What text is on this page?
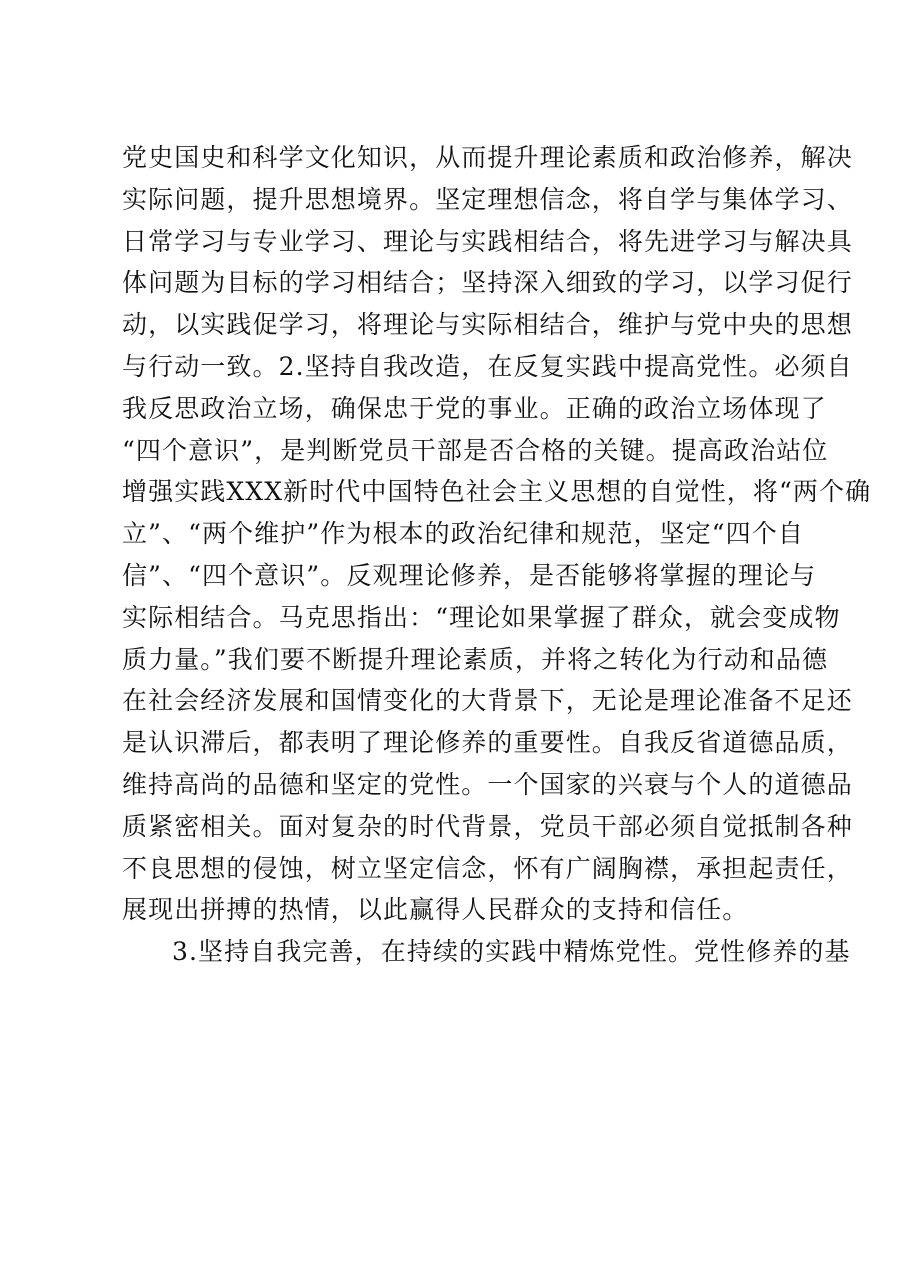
党史国史和科学文化知识，从而提升理论素质和政治修养，解决
实际问题，提升思想境界。坚定理想信念，将自学与集体学习、
日常学习与专业学习、理论与实践相结合，将先进学习与解决具
体问题为目标的学习相结合；坚持深入细致的学习，以学习促行
动，以实践促学习，将理论与实际相结合，维护与党中央的思想
与行动一致。2.坚持自我改造，在反复实践中提高党性。必须自
我反思政治立场，确保忠于党的事业。正确的政治立场体现了
“四个意识”，是判断党员干部是否合格的关键。提高政治站位
增强实践XXX新时代中国特色社会主义思想的自觉性，将“两个确
立”、“两个维护”作为根本的政治纪律和规范，坚定“四个自
信”、“四个意识”。反观理论修养，是否能够将掌握的理论与
实际相结合。马克思指出：“理论如果掌握了群众，就会变成物
质力量。”我们要不断提升理论素质，并将之转化为行动和品德
在社会经济发展和国情变化的大背景下，无论是理论准备不足还
是认识滞后，都表明了理论修养的重要性。自我反省道德品质，
维持高尚的品德和坚定的党性。一个国家的兴衰与个人的道德品
质紧密相关。面对复杂的时代背景，党员干部必须自觉抵制各种
不良思想的侵蚀，树立坚定信念，怀有广阔胸襟，承担起责任，
展现出拼搏的热情，以此赢得人民群众的支持和信任。
3.坚持自我完善，在持续的实践中精炼党性。党性修养的基
